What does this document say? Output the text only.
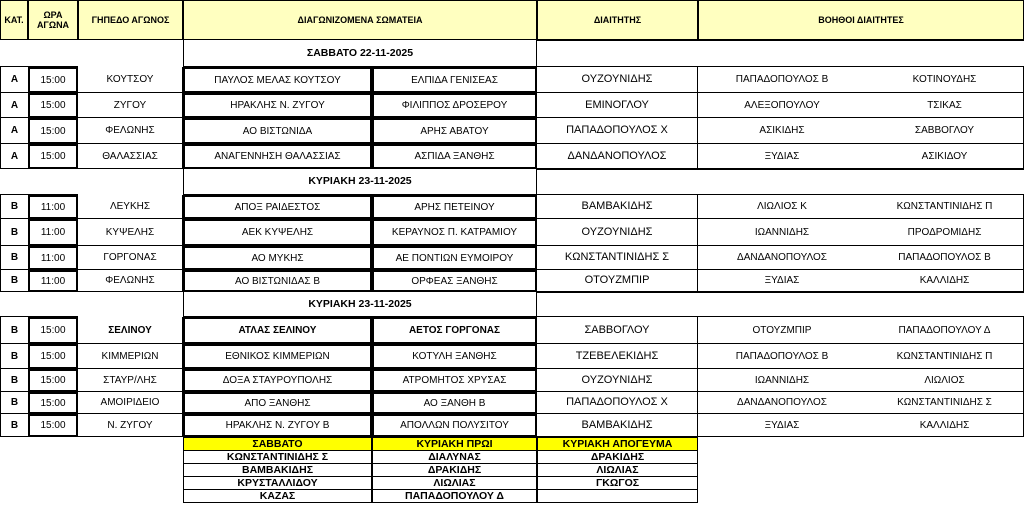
ΚΑΤ.	ΩΡΑ ΑΓΩΝΑ	ΓΗΠΕΔΟ ΑΓΩΝΟΣ	ΔΙΑΓΩΝΙΖΟΜΕΝΑ ΣΩΜΑΤΕΙΑ	ΔΙΑΙΤΗΤΗΣ	ΒΟΗΘΟΙ ΔΙΑΙΤΗΤΕΣ
ΣΑΒΒΑΤΟ 22-11-2025
Α	15:00	ΚΟΥΤΣΟΥ	ΠΑΥΛΟΣ ΜΕΛΑΣ ΚΟΥΤΣΟΥ	ΕΛΠΙΔΑ ΓΕΝΙΣΕΑΣ	ΟΥΖΟΥΝΙΔΗΣ	ΠΑΠΑΔΟΠΟΥΛΟΣ Β	ΚΟΤΙΝΟΥΔΗΣ
Α	15:00	ΖΥΓΟΥ	ΗΡΑΚΛΗΣ Ν. ΖΥΓΟΥ	ΦΙΛΙΠΠΟΣ ΔΡΟΣΕΡΟΥ	ΕΜΙΝΟΓΛΟΥ	ΑΛΕΞΟΠΟΥΛΟΥ	ΤΣΙΚΑΣ
Α	15:00	ΦΕΛΩΝΗΣ	ΑΟ ΒΙΣΤΩΝΙΔΑ	ΑΡΗΣ ΑΒΑΤΟΥ	ΠΑΠΑΔΟΠΟΥΛΟΣ Χ	ΑΣΙΚΙΔΗΣ	ΣΑΒΒΟΓΛΟΥ
Α	15:00	ΘΑΛΑΣΣΙΑΣ	ΑΝΑΓΕΝΝΗΣΗ ΘΑΛΑΣΣΙΑΣ	ΑΣΠΙΔΑ ΞΑΝΘΗΣ	ΔΑΝΔΑΝΟΠΟΥΛΟΣ	ΞΥΔΙΑΣ	ΑΣΙΚΙΔΟΥ
ΚΥΡΙΑΚΗ 23-11-2025
Β	11:00	ΛΕΥΚΗΣ	ΑΠΟΞ ΡΑΙΔΕΣΤΟΣ	ΑΡΗΣ ΠΕΤΕΙΝΟΥ	ΒΑΜΒΑΚΙΔΗΣ	ΛΙΩΛΙΟΣ Κ	ΚΩΝΣΤΑΝΤΙΝΙΔΗΣ Π
Β	11:00	ΚΥΨΕΛΗΣ	ΑΕΚ ΚΥΨΕΛΗΣ	ΚΕΡΑΥΝΟΣ Π. ΚΑΤΡΑΜΙΟΥ	ΟΥΖΟΥΝΙΔΗΣ	ΙΩΑΝΝΙΔΗΣ	ΠΡΟΔΡΟΜΙΔΗΣ
Β	11:00	ΓΟΡΓΟΝΑΣ	ΑΟ ΜΥΚΗΣ	ΑΕ ΠΟΝΤΙΩΝ ΕΥΜΟΙΡΟΥ	ΚΩΝΣΤΑΝΤΙΝΙΔΗΣ Σ	ΔΑΝΔΑΝΟΠΟΥΛΟΣ	ΠΑΠΑΔΟΠΟΥΛΟΣ Β
Β	11:00	ΦΕΛΩΝΗΣ	ΑΟ ΒΙΣΤΩΝΙΔΑΣ Β	ΟΡΦΕΑΣ ΞΑΝΘΗΣ	ΟΤΟΥΖΜΠΙΡ	ΞΥΔΙΑΣ	ΚΑΛΛΙΔΗΣ
ΚΥΡΙΑΚΗ 23-11-2025
Β	15:00	ΣΕΛΙΝΟΥ	ΑΤΛΑΣ ΣΕΛΙΝΟΥ	ΑΕΤΟΣ ΓΟΡΓΟΝΑΣ	ΣΑΒΒΟΓΛΟΥ	ΟΤΟΥΖΜΠΙΡ	ΠΑΠΑΔΟΠΟΥΛΟΥ Δ
Β	15:00	ΚΙΜΜΕΡΙΩΝ	ΕΘΝΙΚΟΣ ΚΙΜΜΕΡΙΩΝ	ΚΟΤΥΛΗ ΞΑΝΘΗΣ	ΤΖΕΒΕΛΕΚΙΔΗΣ	ΠΑΠΑΔΟΠΟΥΛΟΣ Β	ΚΩΝΣΤΑΝΤΙΝΙΔΗΣ Π
Β	15:00	ΣΤΑΥΡ/ΛΗΣ	ΔΟΞΑ ΣΤΑΥΡΟΥΠΟΛΗΣ	ΑΤΡΟΜΗΤΟΣ ΧΡΥΣΑΣ	ΟΥΖΟΥΝΙΔΗΣ	ΙΩΑΝΝΙΔΗΣ	ΛΙΩΛΙΟΣ
Β	15:00	ΑΜΟΙΡΙΔΕΙΟ	ΑΠΟ ΞΑΝΘΗΣ	ΑΟ ΞΑΝΘΗ Β	ΠΑΠΑΔΟΠΟΥΛΟΣ Χ	ΔΑΝΔΑΝΟΠΟΥΛΟΣ	ΚΩΝΣΤΑΝΤΙΝΙΔΗΣ Σ
Β	15:00	Ν. ΖΥΓΟΥ	ΗΡΑΚΛΗΣ Ν. ΖΥΓΟΥ Β	ΑΠΟΛΛΩΝ ΠΟΛΥΣΙΤΟΥ	ΒΑΜΒΑΚΙΔΗΣ	ΞΥΔΙΑΣ	ΚΑΛΛΙΔΗΣ
ΣΑΒΒΑΤΟ	ΚΥΡΙΑΚΗ ΠΡΩΙ	ΚΥΡΙΑΚΗ ΑΠΟΓΕΥΜΑ
ΚΩΝΣΤΑΝΤΙΝΙΔΗΣ Σ	ΔΙΑΛΥΝΑΣ	ΔΡΑΚΙΔΗΣ
ΒΑΜΒΑΚΙΔΗΣ	ΔΡΑΚΙΔΗΣ	ΛΙΩΛΙΑΣ
ΚΡΥΣΤΑΛΛΙΔΟΥ	ΛΙΩΛΙΑΣ	ΓΚΩΓΟΣ
ΚΑΖΑΣ	ΠΑΠΑΔΟΠΟΥΛΟΥ Δ
